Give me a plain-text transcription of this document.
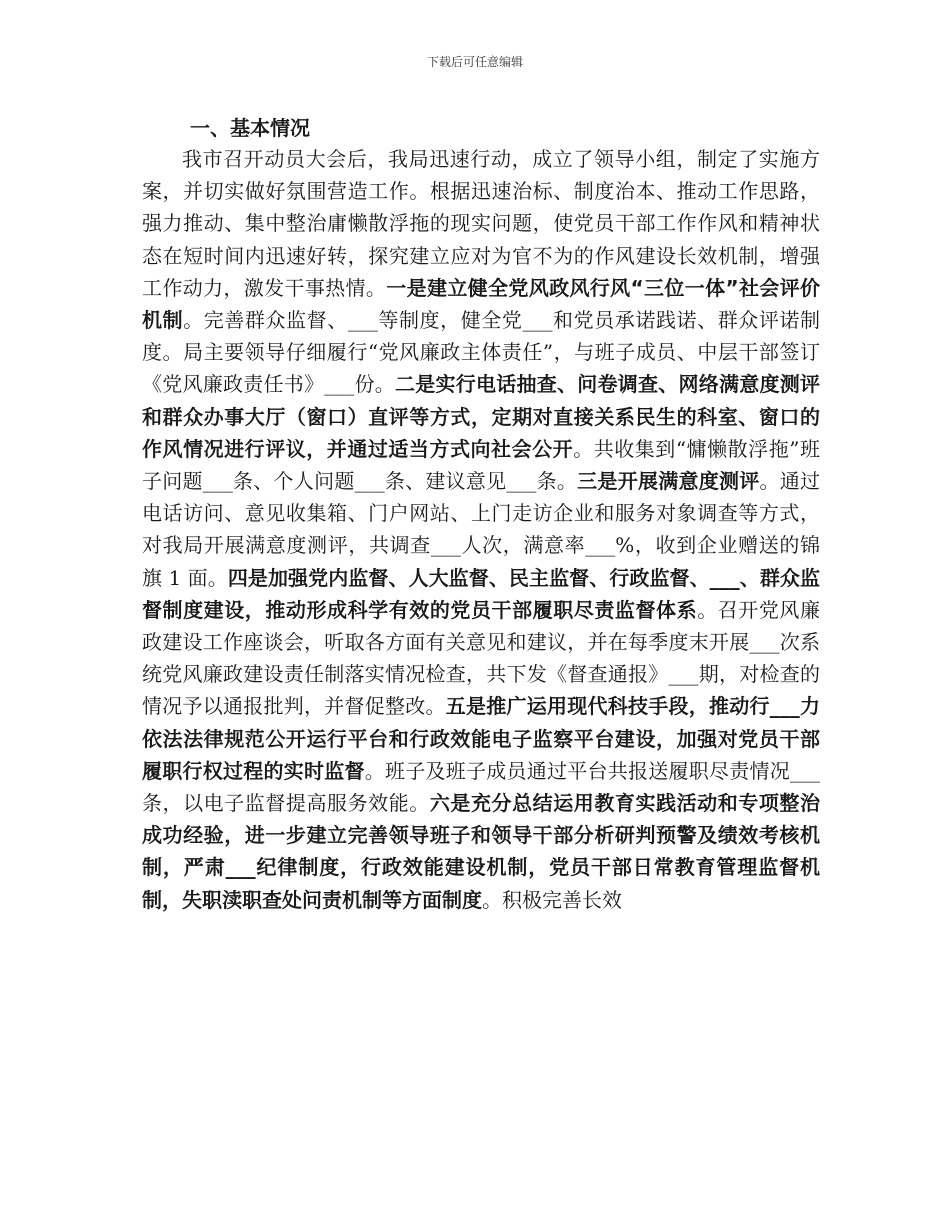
下载后可任意编辑
一、基本情况

我市召开动员大会后，我局迅速行动，成立了领导小组，制定了实施方案，并切实做好氛围营造工作。根据迅速治标、制度治本、推动工作思路，强力推动、集中整治庸懒散浮拖的现实问题，使党员干部工作作风和精神状态在短时间内迅速好转，探究建立应对为官不为的作风建设长效机制，增强工作动力，激发干事热情。一是建立健全党风政风行风“三位一体”社会评价机制。完善群众监督、___等制度，健全党___和党员承诺践诺、群众评诺制度。局主要领导仔细履行“党风廉政主体责任”，与班子成员、中层干部签订《党风廉政责任书》___份。二是实行电话抽查、问卷调查、网络满意度测评和群众办事大厅（窗口）直评等方式，定期对直接关系民生的科室、窗口的作风情况进行评议，并通过适当方式向社会公开。共收集到“慵懒散浮拖”班子问题___条、个人问题___条、建议意见___条。三是开展满意度测评。通过电话访问、意见收集箱、门户网站、上门走访企业和服务对象调查等方式，对我局开展满意度测评，共调查___人次，满意率___%，收到企业赠送的锦旗 1 面。四是加强党内监督、人大监督、民主监督、行政监督、___、群众监督制度建设，推动形成科学有效的党员干部履职尽责监督体系。召开党风廉政建设工作座谈会，听取各方面有关意见和建议，并在每季度末开展___次系统党风廉政建设责任制落实情况检查，共下发《督查通报》___期，对检查的情况予以通报批判，并督促整改。五是推广运用现代科技手段，推动行___力依法法律规范公开运行平台和行政效能电子监察平台建设，加强对党员干部履职行权过程的实时监督。班子及班子成员通过平台共报送履职尽责情况___条，以电子监督提高服务效能。六是充分总结运用教育实践活动和专项整治成功经验，进一步建立完善领导班子和领导干部分析研判预警及绩效考核机制，严肃___纪律制度，行政效能建设机制，党员干部日常教育管理监督机制，失职渎职查处问责机制等方面制度。积极完善长效
